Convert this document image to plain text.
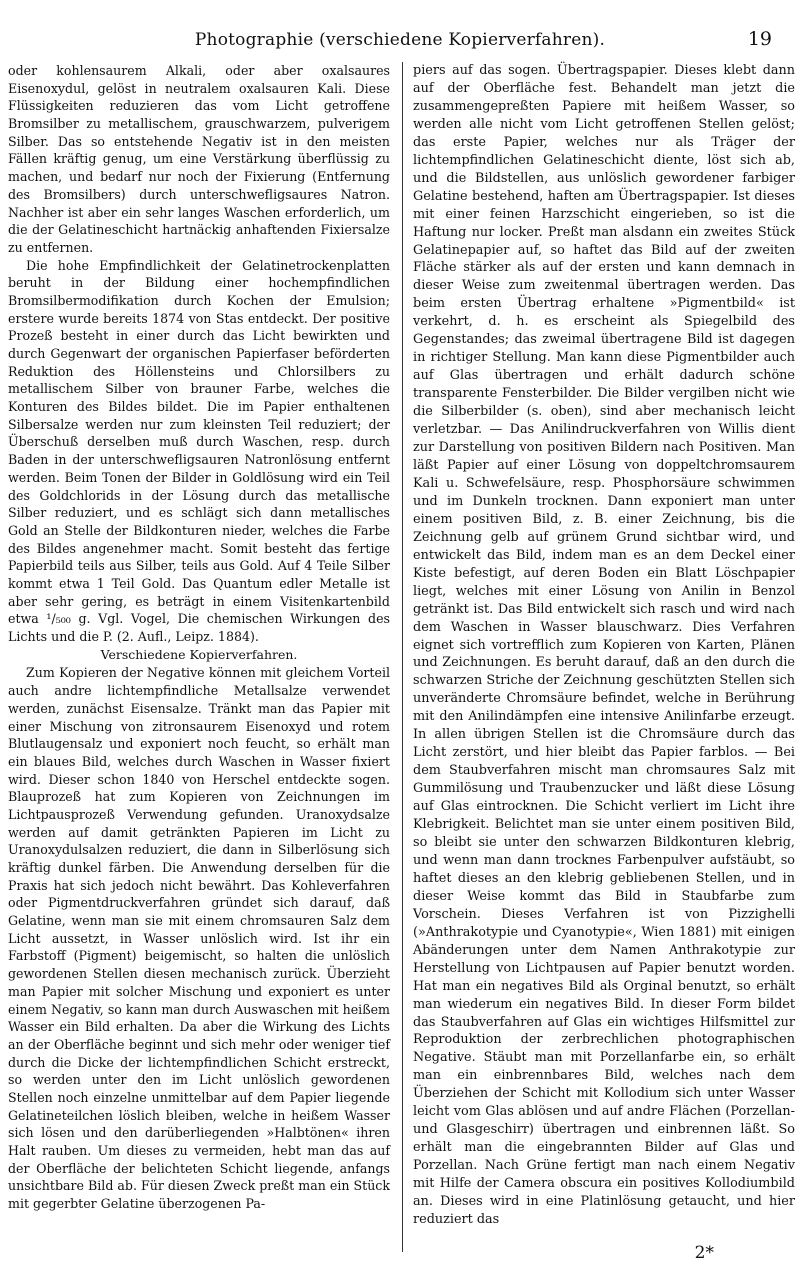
Photographie (verschiedene Kopierverfahren).	19

oder kohlensaurem Alkali, oder aber oxalsaures Eisenoxydul, gelöst in neutralem oxalsauren Kali. Diese Flüssigkeiten reduzieren das vom Licht getroffene Bromsilber zu metallischem, grauschwarzem, pulverigem Silber. Das so entstehende Negativ ist in den meisten Fällen kräftig genug, um eine Verstärkung überflüssig zu machen, und bedarf nur noch der Fixierung (Entfernung des Bromsilbers) durch unterschwefligsaures Natron. Nachher ist aber ein sehr langes Waschen erforderlich, um die der Gelatineschicht hartnäckig anhaftenden Fixiersalze zu entfernen.

Die hohe Empfindlichkeit der Gelatinetrockenplatten beruht in der Bildung einer hochempfindlichen Bromsilbermodifikation durch Kochen der Emulsion; erstere wurde bereits 1874 von Stas entdeckt. Der positive Prozeß besteht in einer durch das Licht bewirkten und durch Gegenwart der organischen Papierfaser beförderten Reduktion des Höllensteins und Chlorsilbers zu metallischem Silber von brauner Farbe, welches die Konturen des Bildes bildet. Die im Papier enthaltenen Silbersalze werden nur zum kleinsten Teil reduziert; der Überschuß derselben muß durch Waschen, resp. durch Baden in der unterschwefligsauren Natronlösung entfernt werden. Beim Tonen der Bilder in Goldlösung wird ein Teil des Goldchlorids in der Lösung durch das metallische Silber reduziert, und es schlägt sich dann metallisches Gold an Stelle der Bildkonturen nieder, welches die Farbe des Bildes angenehmer macht. Somit besteht das fertige Papierbild teils aus Silber, teils aus Gold. Auf 4 Teile Silber kommt etwa 1 Teil Gold. Das Quantum edler Metalle ist aber sehr gering, es beträgt in einem Visitenkartenbild etwa ¹/₅₀₀ g. Vgl. Vogel, Die chemischen Wirkungen des Lichts und die P. (2. Aufl., Leipz. 1884).

Verschiedene Kopierverfahren.

Zum Kopieren der Negative können mit gleichem Vorteil auch andre lichtempfindliche Metallsalze verwendet werden, zunächst Eisensalze. Tränkt man das Papier mit einer Mischung von zitronsaurem Eisenoxyd und rotem Blutlaugensalz und exponiert noch feucht, so erhält man ein blaues Bild, welches durch Waschen in Wasser fixiert wird. Dieser schon 1840 von Herschel entdeckte sogen. Blauprozeß hat zum Kopieren von Zeichnungen im Lichtpausprozeß Verwendung gefunden. Uranoxydsalze werden auf damit getränkten Papieren im Licht zu Uranoxydulsalzen reduziert, die dann in Silberlösung sich kräftig dunkel färben. Die Anwendung derselben für die Praxis hat sich jedoch nicht bewährt. Das Kohleverfahren oder Pigmentdruckverfahren gründet sich darauf, daß Gelatine, wenn man sie mit einem chromsauren Salz dem Licht aussetzt, in Wasser unlöslich wird. Ist ihr ein Farbstoff (Pigment) beigemischt, so halten die unlöslich gewordenen Stellen diesen mechanisch zurück. Überzieht man Papier mit solcher Mischung und exponiert es unter einem Negativ, so kann man durch Auswaschen mit heißem Wasser ein Bild erhalten. Da aber die Wirkung des Lichts an der Oberfläche beginnt und sich mehr oder weniger tief durch die Dicke der lichtempfindlichen Schicht erstreckt, so werden unter den im Licht unlöslich gewordenen Stellen noch einzelne unmittelbar auf dem Papier liegende Gelatineteilchen löslich bleiben, welche in heißem Wasser sich lösen und den darüberliegenden »Halbtönen« ihren Halt rauben. Um dieses zu vermeiden, hebt man das auf der Oberfläche der belichteten Schicht liegende, anfangs unsichtbare Bild ab. Für diesen Zweck preßt man ein Stück mit gegerbter Gelatine überzogenen Pa-

piers auf das sogen. Übertragspapier. Dieses klebt dann auf der Oberfläche fest. Behandelt man jetzt die zusammengepreßten Papiere mit heißem Wasser, so werden alle nicht vom Licht getroffenen Stellen gelöst; das erste Papier, welches nur als Träger der lichtempfindlichen Gelatineschicht diente, löst sich ab, und die Bildstellen, aus unlöslich gewordener farbiger Gelatine bestehend, haften am Übertragspapier. Ist dieses mit einer feinen Harzschicht eingerieben, so ist die Haftung nur locker. Preßt man alsdann ein zweites Stück Gelatinepapier auf, so haftet das Bild auf der zweiten Fläche stärker als auf der ersten und kann demnach in dieser Weise zum zweitenmal übertragen werden. Das beim ersten Übertrag erhaltene »Pigmentbild« ist verkehrt, d. h. es erscheint als Spiegelbild des Gegenstandes; das zweimal übertragene Bild ist dagegen in richtiger Stellung. Man kann diese Pigmentbilder auch auf Glas übertragen und erhält dadurch schöne transparente Fensterbilder. Die Bilder vergilben nicht wie die Silberbilder (s. oben), sind aber mechanisch leicht verletzbar. — Das Anilindruckverfahren von Willis dient zur Darstellung von positiven Bildern nach Positiven. Man läßt Papier auf einer Lösung von doppeltchromsaurem Kali u. Schwefelsäure, resp. Phosphorsäure schwimmen und im Dunkeln trocknen. Dann exponiert man unter einem positiven Bild, z. B. einer Zeichnung, bis die Zeichnung gelb auf grünem Grund sichtbar wird, und entwickelt das Bild, indem man es an dem Deckel einer Kiste befestigt, auf deren Boden ein Blatt Löschpapier liegt, welches mit einer Lösung von Anilin in Benzol getränkt ist. Das Bild entwickelt sich rasch und wird nach dem Waschen in Wasser blauschwarz. Dies Verfahren eignet sich vortrefflich zum Kopieren von Karten, Plänen und Zeichnungen. Es beruht darauf, daß an den durch die schwarzen Striche der Zeichnung geschützten Stellen sich unveränderte Chromsäure befindet, welche in Berührung mit den Anilindämpfen eine intensive Anilinfarbe erzeugt. In allen übrigen Stellen ist die Chromsäure durch das Licht zerstört, und hier bleibt das Papier farblos. — Bei dem Staubverfahren mischt man chromsaures Salz mit Gummilösung und Traubenzucker und läßt diese Lösung auf Glas eintrocknen. Die Schicht verliert im Licht ihre Klebrigkeit. Belichtet man sie unter einem positiven Bild, so bleibt sie unter den schwarzen Bildkonturen klebrig, und wenn man dann trocknes Farbenpulver aufstäubt, so haftet dieses an den klebrig gebliebenen Stellen, und in dieser Weise kommt das Bild in Staubfarbe zum Vorschein. Dieses Verfahren ist von Pizzighelli (»Anthrakotypie und Cyanotypie«, Wien 1881) mit einigen Abänderungen unter dem Namen Anthrakotypie zur Herstellung von Lichtpausen auf Papier benutzt worden. Hat man ein negatives Bild als Orginal benutzt, so erhält man wiederum ein negatives Bild. In dieser Form bildet das Staubverfahren auf Glas ein wichtiges Hilfsmittel zur Reproduktion der zerbrechlichen photographischen Negative. Stäubt man mit Porzellanfarbe ein, so erhält man ein einbrennbares Bild, welches nach dem Überziehen der Schicht mit Kollodium sich unter Wasser leicht vom Glas ablösen und auf andre Flächen (Porzellan- und Glasgeschirr) übertragen und einbrennen läßt. So erhält man die eingebrannten Bilder auf Glas und Porzellan. Nach Grüne fertigt man nach einem Negativ mit Hilfe der Camera obscura ein positives Kollodiumbild an. Dieses wird in eine Platinlösung getaucht, und hier reduziert das

2*
